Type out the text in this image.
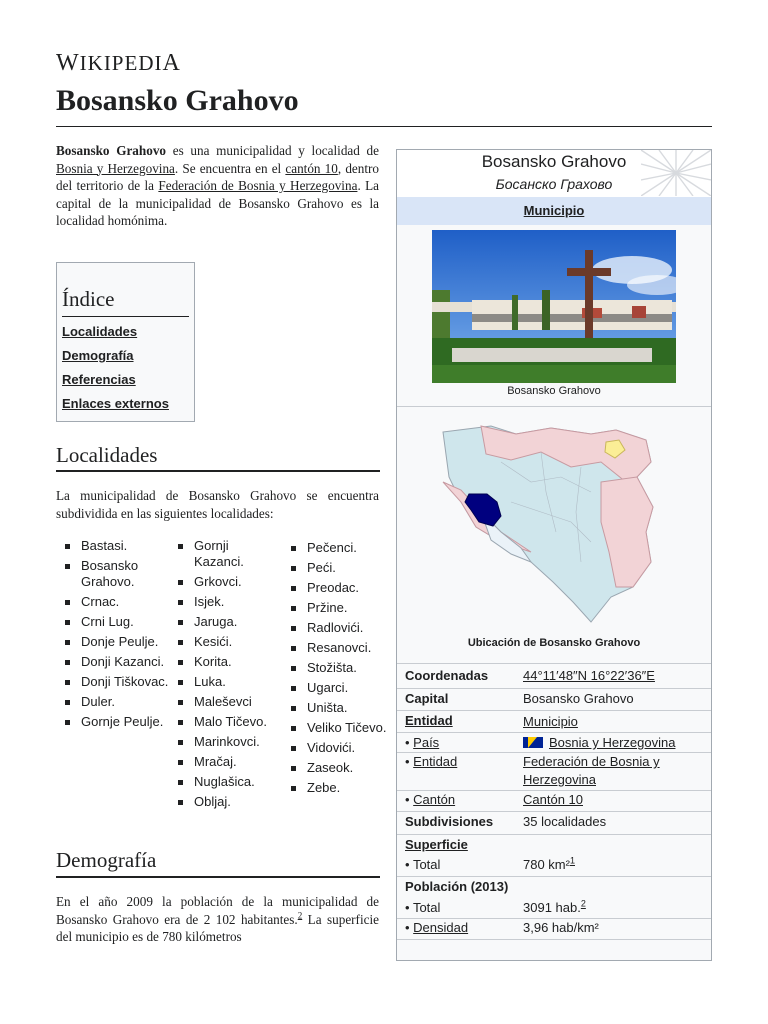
WIKIPEDIA
Bosansko Grahovo
Bosansko Grahovo es una municipalidad y localidad de Bosnia y Herzegovina. Se encuentra en el cantón 10, dentro del territorio de la Federación de Bosnia y Herzegovina. La capital de la municipalidad de Bosansko Grahovo es la localidad homónima.
Índice
Localidades
Demografía
Referencias
Enlaces externos
Localidades
La municipalidad de Bosansko Grahovo se encuentra subdividida en las siguientes localidades:
Bastasi.
Bosansko Grahovo.
Crnac.
Crni Lug.
Donje Peulje.
Donji Kazanci.
Donji Tiškovac.
Duler.
Gornje Peulje.
Gornji Kazanci.
Grkovci.
Isjek.
Jaruga.
Kesići.
Korita.
Luka.
Maleševci
Malo Tičevo.
Marinkovci.
Mračaj.
Nuglašica.
Obljaj.
Pečenci.
Peći.
Preodac.
Pržine.
Radlovići.
Resanovci.
Stožišta.
Ugarci.
Uništa.
Veliko Tičevo.
Vidovići.
Zaseok.
Zebe.
Demografía
En el año 2009 la población de la municipalidad de Bosansko Grahovo era de 2 102 habitantes.$^2$ La superficie del municipio es de 780 kilómetros
Bosansko Grahovo
Босанско Грахово
Municipio
Bosansko Grahovo
Ubicación de Bosansko Grahovo
Coordenadas	44°11′48″N 16°22′36″E
Capital	Bosansko Grahovo
Entidad	Municipio
• País	Bosnia y Herzegovina
• Entidad	Federación de Bosnia y Herzegovina
• Cantón	Cantón 10
Subdivisiones 35 localidades
Superficie
• Total	780 km²$^1$
Población (2013)
• Total	3091 hab.$^2$
• Densidad	3,96 hab/km²
